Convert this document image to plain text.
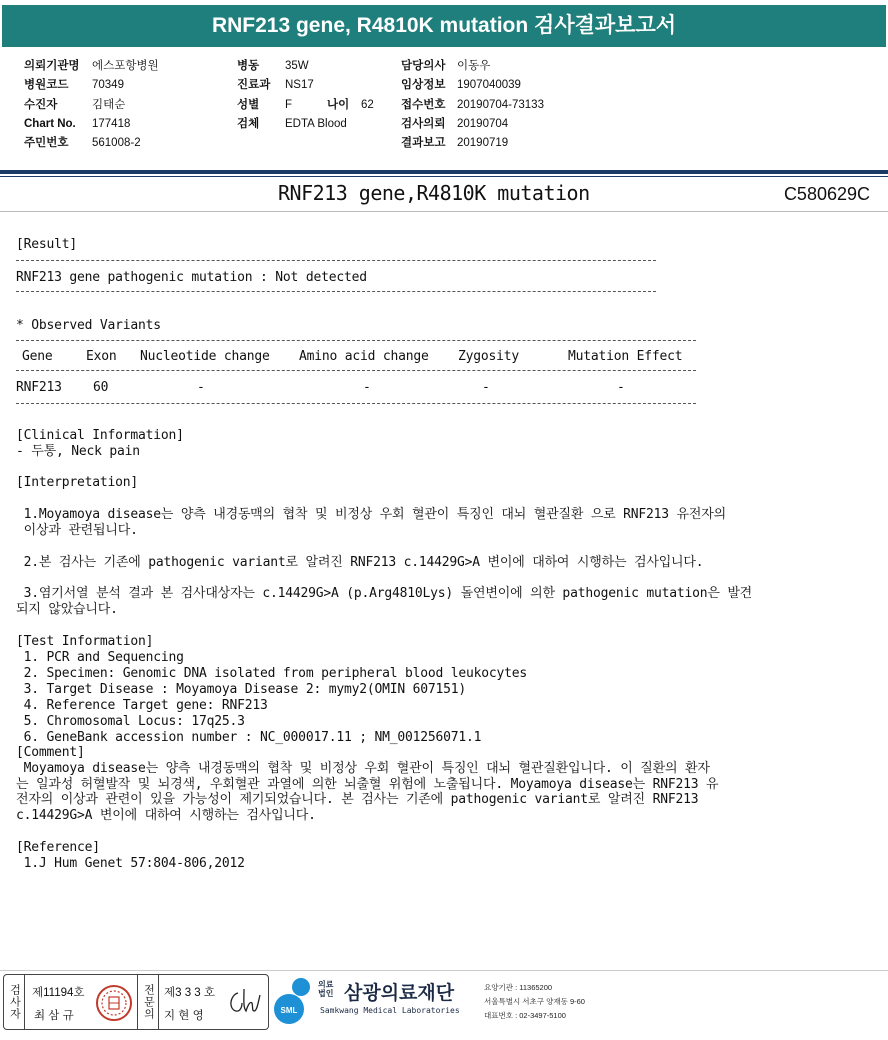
RNF213 gene, R4810K mutation 검사결과보고서
의뢰기관명 에스포항병원
병원코드 70349
수진자	김태순
Chart No. 177418
주민번호 561008-2
병동 35W
진료과 NS17
성별 F	나이 62
검체 EDTA Blood
담당의사 이동우
임상정보 1907040039
접수번호 20190704-73133
검사의뢰 20190704
결과보고 20190719
RNF213 gene,R4810K mutation	C580629C
[Result]
RNF213 gene pathogenic mutation : Not detected
* Observed Variants
Gene	Exon Nucleotide change Amino acid change Zygosity	Mutation Effect
RNF213 60	-	-	-	-
[Clinical Information]
- 두통, Neck pain
[Interpretation]
1.Moyamoya disease는 양측 내경동맥의 협착 및 비정상 우회 혈관이 특징인 대뇌 혈관질환 으로 RNF213 유전자의
이상과 관련됩니다.
2.본 검사는 기존에 pathogenic variant로 알려진 RNF213 c.14429G>A 변이에 대하여 시행하는 검사입니다.
3.염기서열 분석 결과 본 검사대상자는 c.14429G>A (p.Arg4810Lys) 돌연변이에 의한 pathogenic mutation은 발견
되지 않았습니다.
[Test Information]
1. PCR and Sequencing
2. Specimen: Genomic DNA isolated from peripheral blood leukocytes
3. Target Disease : Moyamoya Disease 2: mymy2(OMIN 607151)
4. Reference Target gene: RNF213
5. Chromosomal Locus: 17q25.3
6. GeneBank accession number : NC_000017.11 ; NM_001256071.1
[Comment]
Moyamoya disease는 양측 내경동맥의 협착 및 비정상 우회 혈관이 특징인 대뇌 혈관질환입니다. 이 질환의 환자
는 일과성 허혈발작 및 뇌경색, 우회혈관 과열에 의한 뇌출혈 위험에 노출됩니다. Moyamoya disease는 RNF213 유
전자의 이상과 관련이 있을 가능성이 제기되었습니다. 본 검사는 기존에 pathogenic variant로 알려진 RNF213
c.14429G>A 변이에 대하여 시행하는 검사입니다.
[Reference]
1.J Hum Genet 57:804-806,2012
검사자 제11194호
최 삼 규	전문의 제3 3 3 호
지 현 영	SML
의료법인 삼광의료재단
Samkwang Medical Laboratories
요양기관 : 11365200
서울특별시 서초구 양재동 9-60
대표번호 : 02-3497-5100
